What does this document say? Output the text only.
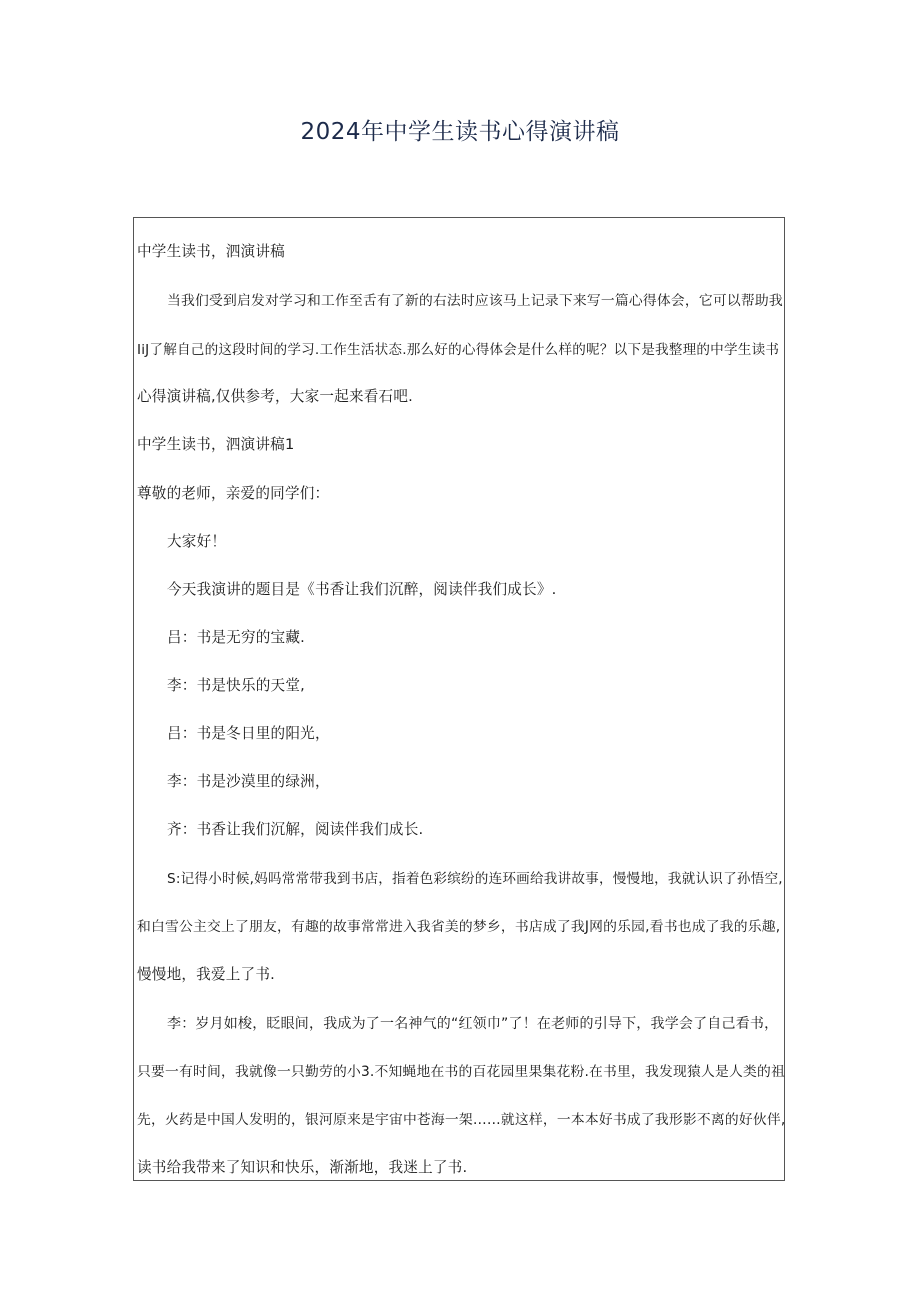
2024年中学生读书心得演讲稿
中学生读书，泗演讲稿
当我们受到启发对学习和工作至舌有了新的右法时应该马上记录下来写一篇心得体会，它可以帮助我
IiJ了解自己的这段时间的学习.工作生活状态.那么好的心得体会是什么样的呢？以下是我整理的中学生读书
心得演讲稿,仅供参考，大家一起来看石吧.
中学生读书，泗演讲稿1
尊敬的老师，亲爱的同学们：
大家好！
今天我演讲的题目是《书香让我们沉醉，阅读伴我们成长》.
吕：书是无穷的宝藏.
李：书是快乐的天堂,
吕：书是冬日里的阳光，
李：书是沙漠里的绿洲，
齐：书香让我们沉解，阅读伴我们成长.
S:记得小时候,妈吗常常带我到书店，指着色彩缤纷的连环画给我讲故事，慢慢地，我就认识了孙悟空,
和白雪公主交上了朋友，有趣的故事常常进入我省美的梦乡，书店成了我J网的乐园,看书也成了我的乐趣,
慢慢地，我爱上了书.
李：岁月如梭，眨眼间，我成为了一名神气的“红领巾”了！在老师的引导下，我学会了自己看书，
只要一有时间，我就像一只勤劳的小3.不知蝇地在书的百花园里果集花粉.在书里，我发现猿人是人类的祖
先，火药是中国人发明的，银河原来是宇宙中苍海一架……就这样，一本本好书成了我形影不离的好伙伴,
读书给我带来了知识和快乐，渐渐地，我迷上了书.
